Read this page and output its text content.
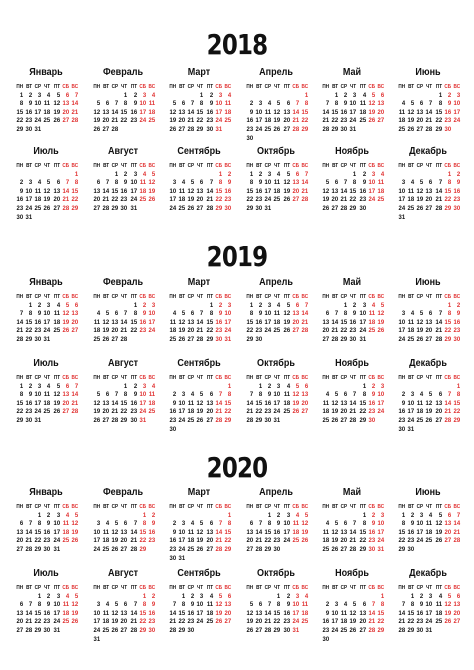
2018
Январь
ПН ВТ СР ЧТ ПТ СБ ВС
1 2 3 4 5 6 7
8 9 10 11 12 13 14
15 16 17 18 19 20 21
22 23 24 25 26 27 28
29 30 31
Февраль
ПН ВТ СР ЧТ ПТ СБ ВС
1 2 3 4
5 6 7 8 9 10 11
12 13 14 15 16 17 18
19 20 21 22 23 24 25
26 27 28
Март
ПН ВТ СР ЧТ ПТ СБ ВС
1 2 3 4
5 6 7 8 9 10 11
12 13 14 15 16 17 18
19 20 21 22 23 24 25
26 27 28 29 30 31
Апрель
ПН ВТ СР ЧТ ПТ СБ ВС
1
2 3 4 5 6 7 8
9 10 11 12 13 14 15
16 17 18 19 20 21 22
23 24 25 26 27 28 29
30
Май
ПН ВТ СР ЧТ ПТ СБ ВС
1 2 3 4 5 6
7 8 9 10 11 12 13
14 15 16 17 18 19 20
21 22 23 24 25 26 27
28 29 30 31
Июнь
ПН ВТ СР ЧТ ПТ СБ ВС
1 2 3
4 5 6 7 8 9 10
11 12 13 14 15 16 17
18 19 20 21 22 23 24
25 26 27 28 29 30
Июль
ПН ВТ СР ЧТ ПТ СБ ВС
1
2 3 4 5 6 7 8
9 10 11 12 13 14 15
16 17 18 19 20 21 22
23 24 25 26 27 28 29
30 31
Август
ПН ВТ СР ЧТ ПТ СБ ВС
1 2 3 4 5
6 7 8 9 10 11 12
13 14 15 16 17 18 19
20 21 22 23 24 25 26
27 28 29 30 31
Сентябрь
ПН ВТ СР ЧТ ПТ СБ ВС
1 2
3 4 5 6 7 8 9
10 11 12 13 14 15 16
17 18 19 20 21 22 23
24 25 26 27 28 29 30
Октябрь
ПН ВТ СР ЧТ ПТ СБ ВС
1 2 3 4 5 6 7
8 9 10 11 12 13 14
15 16 17 18 19 20 21
22 23 24 25 26 27 28
29 30 31
Ноябрь
ПН ВТ СР ЧТ ПТ СБ ВС
1 2 3 4
5 6 7 8 9 10 11
12 13 14 15 16 17 18
19 20 21 22 23 24 25
26 27 28 29 30
Декабрь
ПН ВТ СР ЧТ ПТ СБ ВС
1 2
3 4 5 6 7 8 9
10 11 12 13 14 15 16
17 18 19 20 21 22 23
24 25 26 27 28 29 30
31
2019
Январь
ПН ВТ СР ЧТ ПТ СБ ВС
1 2 3 4 5 6
7 8 9 10 11 12 13
14 15 16 17 18 19 20
21 22 23 24 25 26 27
28 29 30 31
Февраль
ПН ВТ СР ЧТ ПТ СБ ВС
1 2 3
4 5 6 7 8 9 10
11 12 13 14 15 16 17
18 19 20 21 22 23 24
25 26 27 28
Март
ПН ВТ СР ЧТ ПТ СБ ВС
1 2 3
4 5 6 7 8 9 10
11 12 13 14 15 16 17
18 19 20 21 22 23 24
25 26 27 28 29 30 31
Апрель
ПН ВТ СР ЧТ ПТ СБ ВС
1 2 3 4 5 6 7
8 9 10 11 12 13 14
15 16 17 18 19 20 21
22 23 24 25 26 27 28
29 30
Май
ПН ВТ СР ЧТ ПТ СБ ВС
1 2 3 4 5
6 7 8 9 10 11 12
13 14 15 16 17 18 19
20 21 22 23 24 25 26
27 28 29 30 31
Июнь
ПН ВТ СР ЧТ ПТ СБ ВС
1 2
3 4 5 6 7 8 9
10 11 12 13 14 15 16
17 18 19 20 21 22 23
24 25 26 27 28 29 30
Июль
ПН ВТ СР ЧТ ПТ СБ ВС
1 2 3 4 5 6 7
8 9 10 11 12 13 14
15 16 17 18 19 20 21
22 23 24 25 26 27 28
29 30 31
Август
ПН ВТ СР ЧТ ПТ СБ ВС
1 2 3 4
5 6 7 8 9 10 11
12 13 14 15 16 17 18
19 20 21 22 23 24 25
26 27 28 29 30 31
Сентябрь
ПН ВТ СР ЧТ ПТ СБ ВС
1
2 3 4 5 6 7 8
9 10 11 12 13 14 15
16 17 18 19 20 21 22
23 24 25 26 27 28 29
30
Октябрь
ПН ВТ СР ЧТ ПТ СБ ВС
1 2 3 4 5 6
7 8 9 10 11 12 13
14 15 16 17 18 19 20
21 22 23 24 25 26 27
28 29 30 31
Ноябрь
ПН ВТ СР ЧТ ПТ СБ ВС
1 2 3
4 5 6 7 8 9 10
11 12 13 14 15 16 17
18 19 20 21 22 23 24
25 26 27 28 29 30
Декабрь
ПН ВТ СР ЧТ ПТ СБ ВС
1
2 3 4 5 6 7 8
9 10 11 12 13 14 15
16 17 18 19 20 21 22
23 24 25 26 27 28 29
30 31
2020
Январь
ПН ВТ СР ЧТ ПТ СБ ВС
1 2 3 4 5
6 7 8 9 10 11 12
13 14 15 16 17 18 19
20 21 22 23 24 25 26
27 28 29 30 31
Февраль
ПН ВТ СР ЧТ ПТ СБ ВС
1 2
3 4 5 6 7 8 9
10 11 12 13 14 15 16
17 18 19 20 21 22 23
24 25 26 27 28 29
Март
ПН ВТ СР ЧТ ПТ СБ ВС
1
2 3 4 5 6 7 8
9 10 11 12 13 14 15
16 17 18 19 20 21 22
23 24 25 26 27 28 29
30 31
Апрель
ПН ВТ СР ЧТ ПТ СБ ВС
1 2 3 4 5
6 7 8 9 10 11 12
13 14 15 16 17 18 19
20 21 22 23 24 25 26
27 28 29 30
Май
ПН ВТ СР ЧТ ПТ СБ ВС
1 2 3
4 5 6 7 8 9 10
11 12 13 14 15 16 17
18 19 20 21 22 23 24
25 26 27 28 29 30 31
Июнь
ПН ВТ СР ЧТ ПТ СБ ВС
1 2 3 4 5 6 7
8 9 10 11 12 13 14
15 16 17 18 19 20 21
22 23 24 25 26 27 28
29 30
Июль
ПН ВТ СР ЧТ ПТ СБ ВС
1 2 3 4 5
6 7 8 9 10 11 12
13 14 15 16 17 18 19
20 21 22 23 24 25 26
27 28 29 30 31
Август
ПН ВТ СР ЧТ ПТ СБ ВС
1 2
3 4 5 6 7 8 9
10 11 12 13 14 15 16
17 18 19 20 21 22 23
24 25 26 27 28 29 30
31
Сентябрь
ПН ВТ СР ЧТ ПТ СБ ВС
1 2 3 4 5 6
7 8 9 10 11 12 13
14 15 16 17 18 19 20
21 22 23 24 25 26 27
28 29 30
Октябрь
ПН ВТ СР ЧТ ПТ СБ ВС
1 2 3 4
5 6 7 8 9 10 11
12 13 14 15 16 17 18
19 20 21 22 23 24 25
26 27 28 29 30 31
Ноябрь
ПН ВТ СР ЧТ ПТ СБ ВС
1
2 3 4 5 6 7 8
9 10 11 12 13 14 15
16 17 18 19 20 21 22
23 24 25 26 27 28 29
30
Декабрь
ПН ВТ СР ЧТ ПТ СБ ВС
1 2 3 4 5 6
7 8 9 10 11 12 13
14 15 16 17 18 19 20
21 22 23 24 25 26 27
28 29 30 31
